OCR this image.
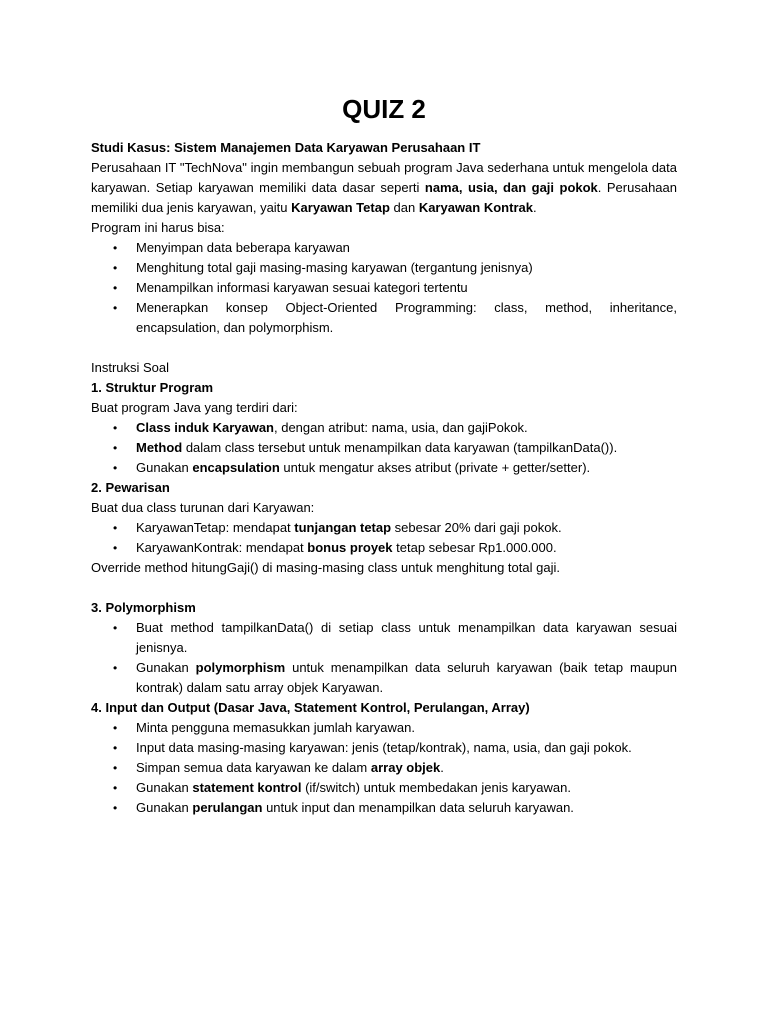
QUIZ 2

Studi Kasus: Sistem Manajemen Data Karyawan Perusahaan IT

Perusahaan IT "TechNova" ingin membangun sebuah program Java sederhana untuk mengelola data karyawan. Setiap karyawan memiliki data dasar seperti nama, usia, dan gaji pokok. Perusahaan memiliki dua jenis karyawan, yaitu Karyawan Tetap dan Karyawan Kontrak.

Program ini harus bisa:

• Menyimpan data beberapa karyawan
• Menghitung total gaji masing-masing karyawan (tergantung jenisnya)
• Menampilkan informasi karyawan sesuai kategori tertentu
• Menerapkan konsep Object-Oriented Programming: class, method, inheritance, encapsulation, dan polymorphism.

Instruksi Soal

1. Struktur Program

Buat program Java yang terdiri dari:

• Class induk Karyawan, dengan atribut: nama, usia, dan gajiPokok.
• Method dalam class tersebut untuk menampilkan data karyawan (tampilkanData()).
• Gunakan encapsulation untuk mengatur akses atribut (private + getter/setter).

2. Pewarisan

Buat dua class turunan dari Karyawan:

• KaryawanTetap: mendapat tunjangan tetap sebesar 20% dari gaji pokok.
• KaryawanKontrak: mendapat bonus proyek tetap sebesar Rp1.000.000.

Override method hitungGaji() di masing-masing class untuk menghitung total gaji.

3. Polymorphism

• Buat method tampilkanData() di setiap class untuk menampilkan data karyawan sesuai jenisnya.
• Gunakan polymorphism untuk menampilkan data seluruh karyawan (baik tetap maupun kontrak) dalam satu array objek Karyawan.

4. Input dan Output (Dasar Java, Statement Kontrol, Perulangan, Array)

• Minta pengguna memasukkan jumlah karyawan.
• Input data masing-masing karyawan: jenis (tetap/kontrak), nama, usia, dan gaji pokok.
• Simpan semua data karyawan ke dalam array objek.
• Gunakan statement kontrol (if/switch) untuk membedakan jenis karyawan.
• Gunakan perulangan untuk input dan menampilkan data seluruh karyawan.
